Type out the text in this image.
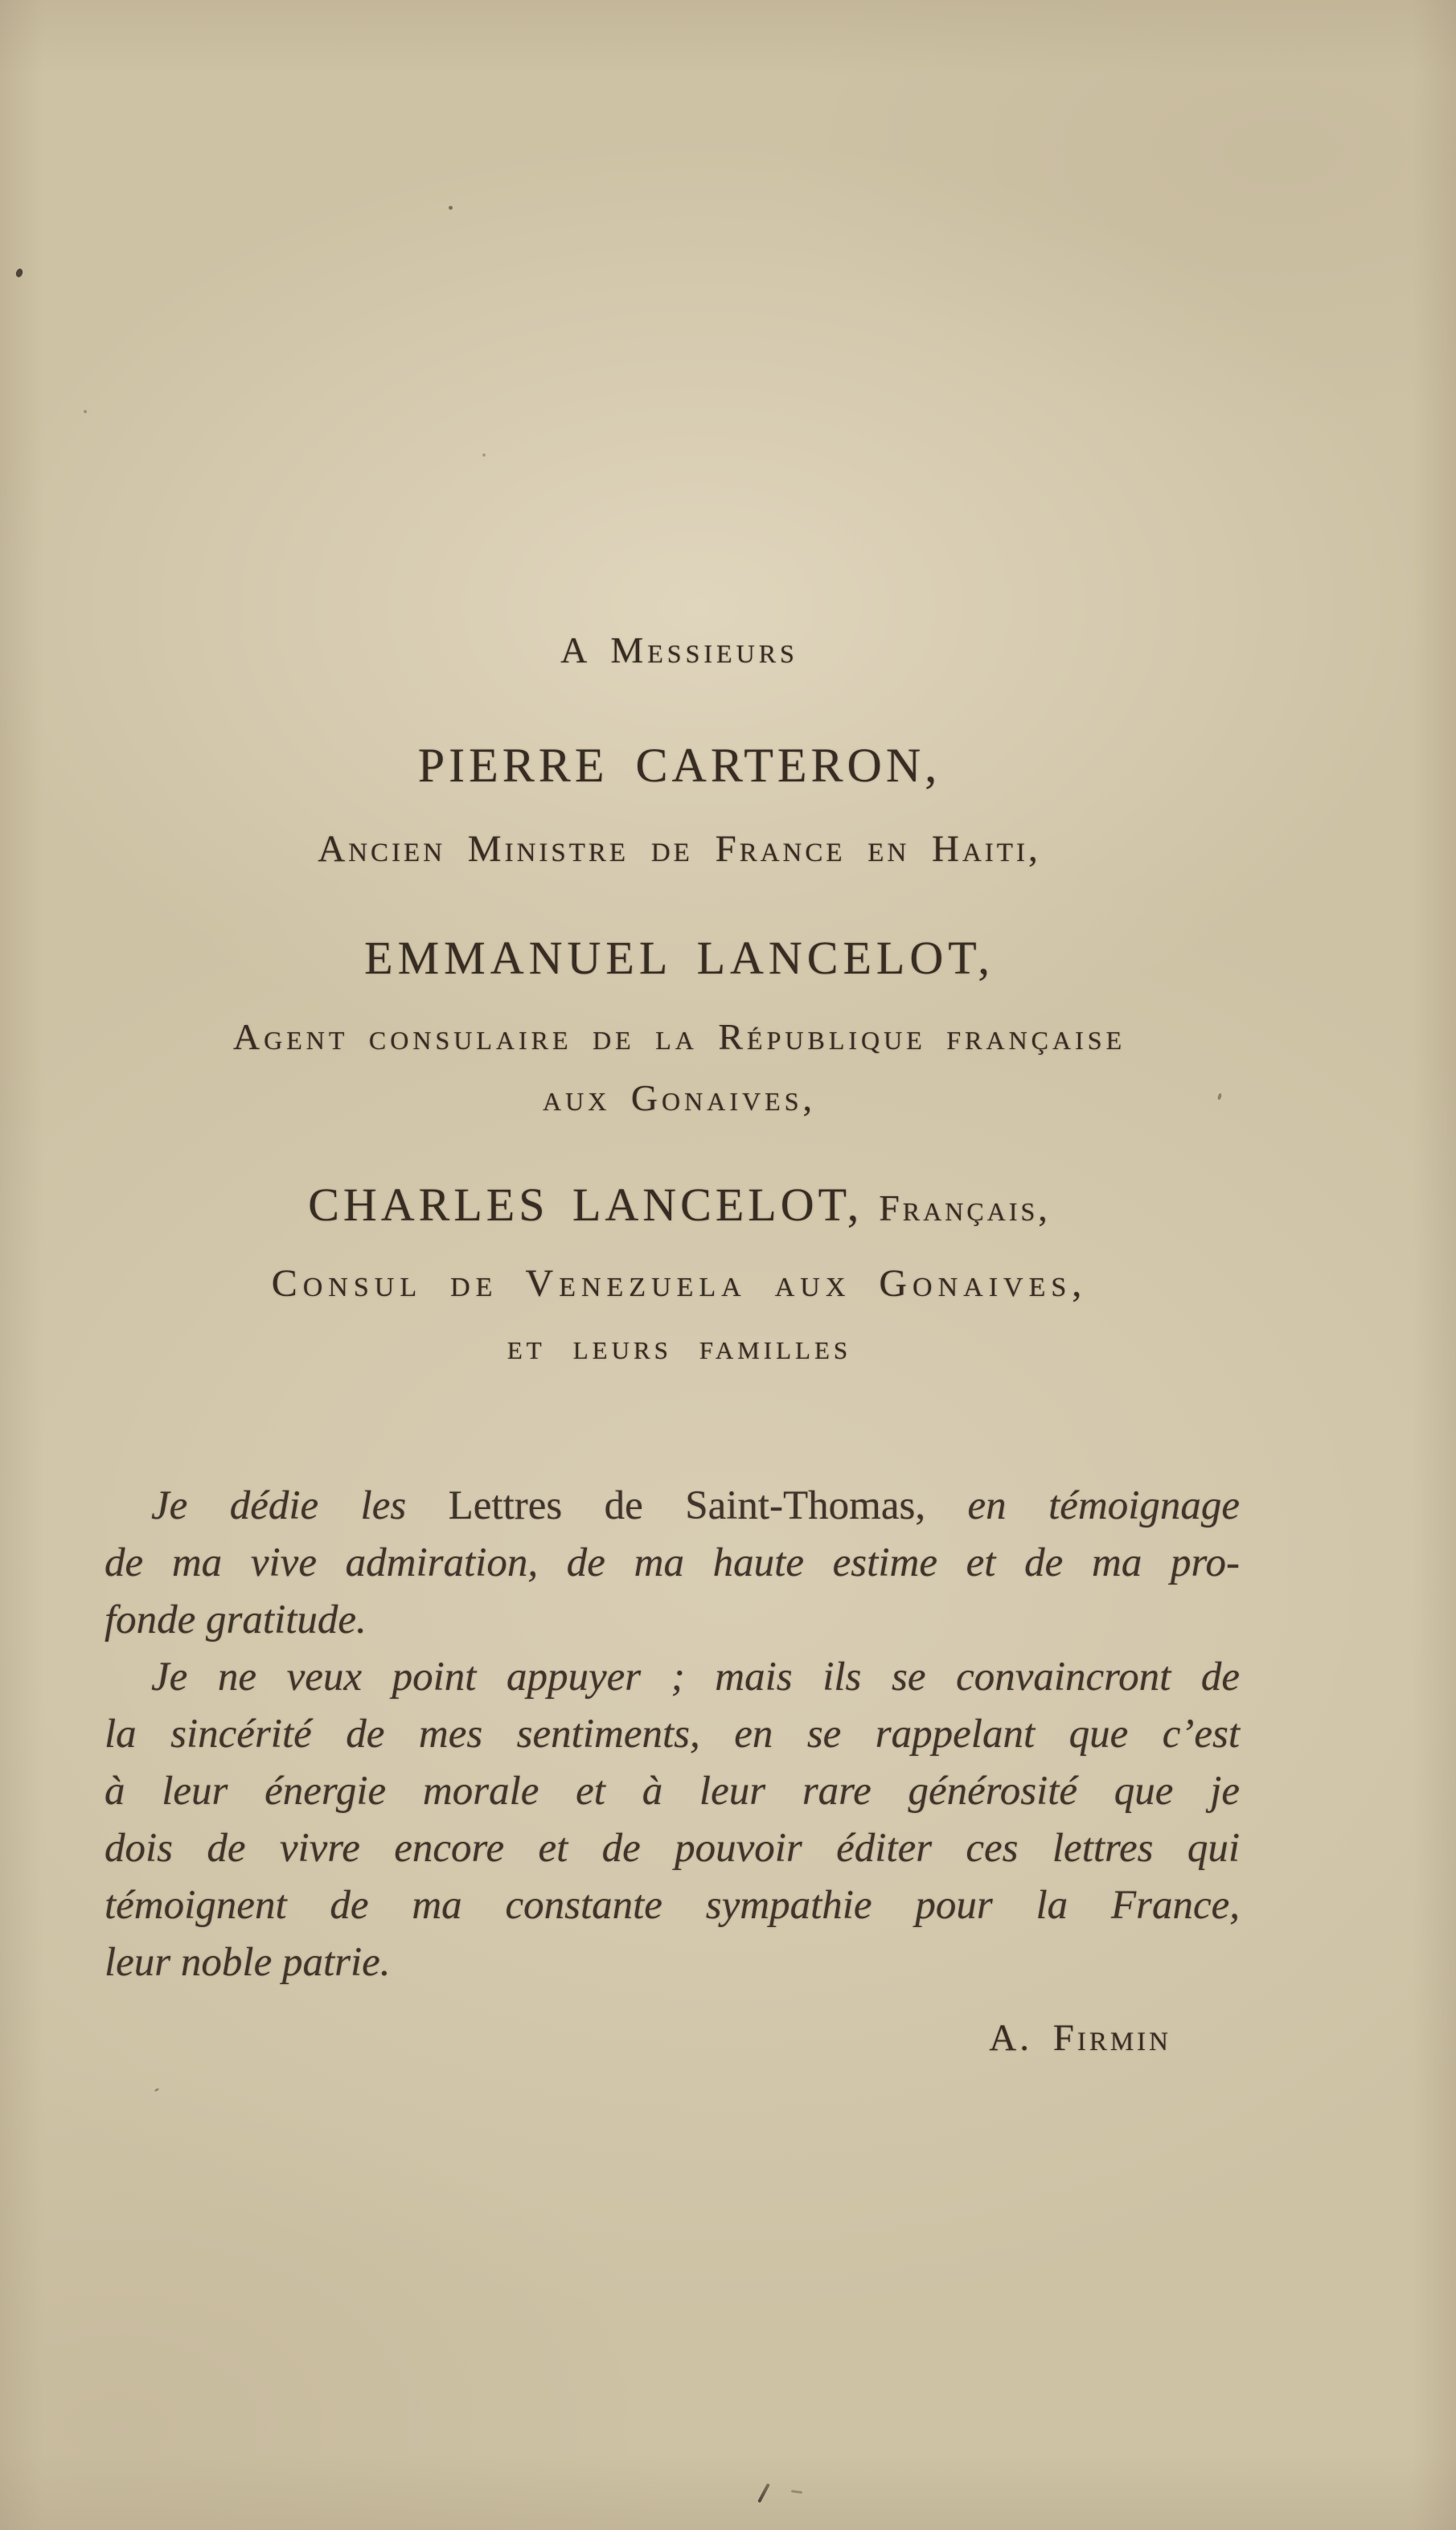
A Messieurs
PIERRE CARTERON,
Ancien Ministre de France en Haiti,
EMMANUEL LANCELOT,
Agent consulaire de la République française
aux Gonaives,
CHARLES LANCELOT, Français,
Consul de Venezuela aux Gonaives,
et leurs familles
Je dédie les Lettres de Saint-Thomas, en témoignage
de ma vive admiration, de ma haute estime et de ma pro-
fonde gratitude.
Je ne veux point appuyer ; mais ils se convaincront de
la sincérité de mes sentiments, en se rappelant que c’est
à leur énergie morale et à leur rare générosité que je
dois de vivre encore et de pouvoir éditer ces lettres qui
témoignent de ma constante sympathie pour la France,
leur noble patrie.
A. Firmin
